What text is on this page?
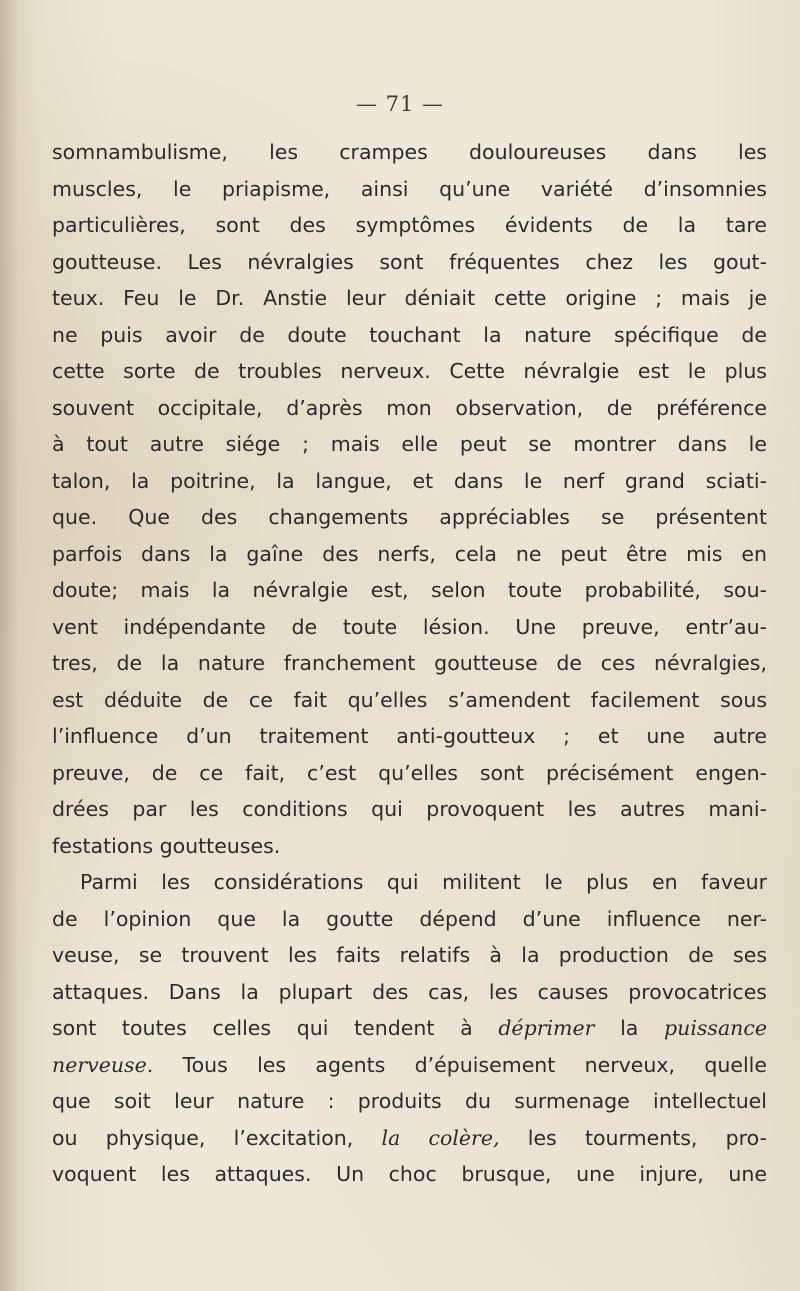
— 71 —
somnambulisme, les crampes douloureuses dans les
muscles, le priapisme, ainsi qu’une variété d’insomnies
particulières, sont des symptômes évidents de la tare
goutteuse. Les névralgies sont fréquentes chez les gout-
teux. Feu le Dr. Anstie leur déniait cette origine ; mais je
ne puis avoir de doute touchant la nature spécifique de
cette sorte de troubles nerveux. Cette névralgie est le plus
souvent occipitale, d’après mon observation, de préférence
à tout autre siége ; mais elle peut se montrer dans le
talon, la poitrine, la langue, et dans le nerf grand sciati-
que. Que des changements appréciables se présentent
parfois dans la gaîne des nerfs, cela ne peut être mis en
doute; mais la névralgie est, selon toute probabilité, sou-
vent indépendante de toute lésion. Une preuve, entr’au-
tres, de la nature franchement goutteuse de ces névralgies,
est déduite de ce fait qu’elles s’amendent facilement sous
l’influence d’un traitement anti-goutteux ; et une autre
preuve, de ce fait, c’est qu’elles sont précisément engen-
drées par les conditions qui provoquent les autres mani-
festations goutteuses.
Parmi les considérations qui militent le plus en faveur
de l’opinion que la goutte dépend d’une influence ner-
veuse, se trouvent les faits relatifs à la production de ses
attaques. Dans la plupart des cas, les causes provocatrices
sont toutes celles qui tendent à déprimer la puissance
nerveuse. Tous les agents d’épuisement nerveux, quelle
que soit leur nature : produits du surmenage intellectuel
ou physique, l’excitation, la colère, les tourments, pro-
voquent les attaques. Un choc brusque, une injure, une
